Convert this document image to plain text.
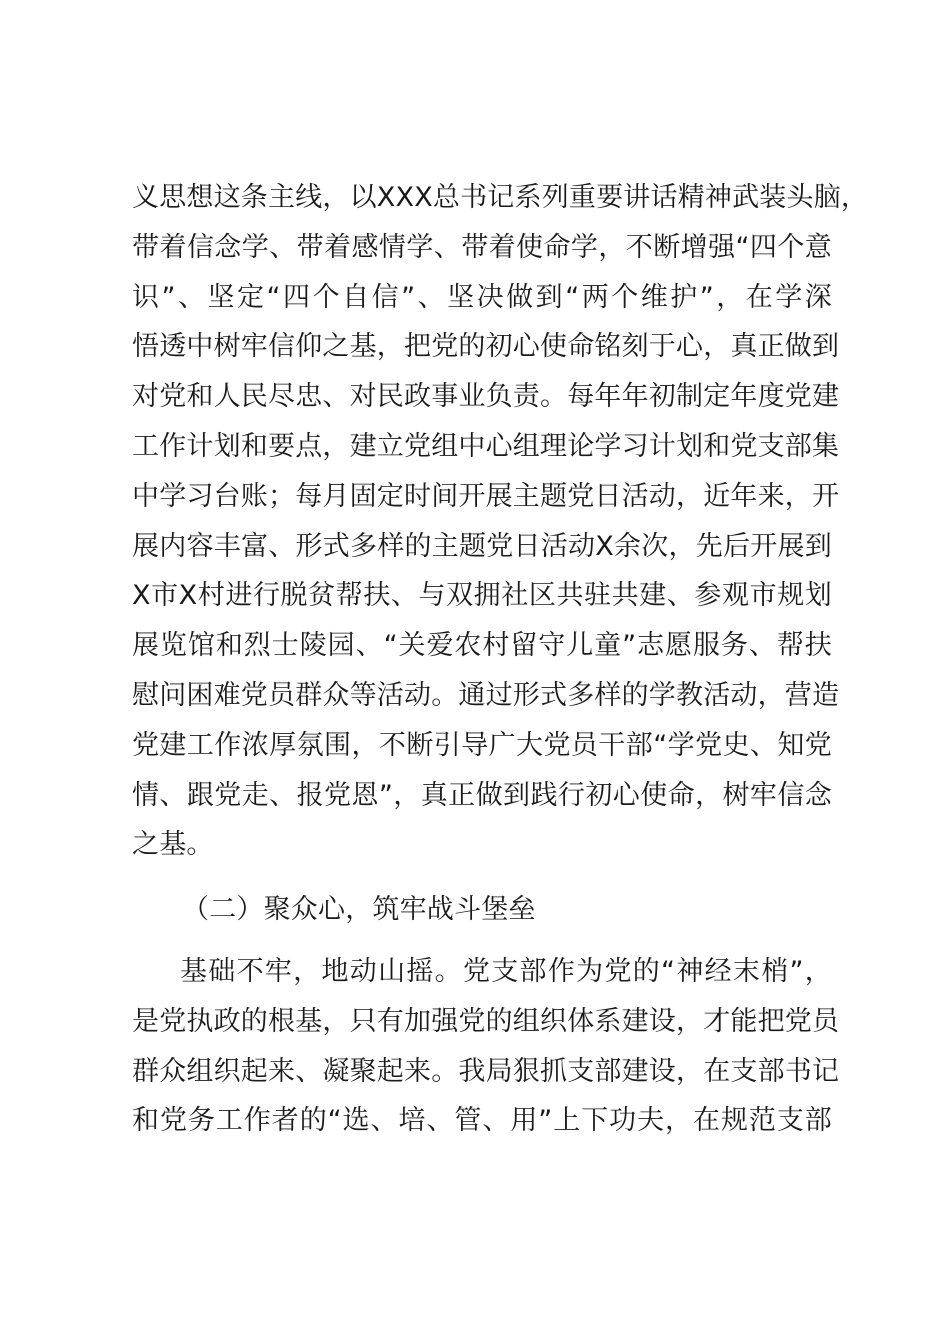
义思想这条主线，以XXX总书记系列重要讲话精神武装头脑，
带着信念学、带着感情学、带着使命学，不断增强“四个意
识”、坚定“四个自信”、坚决做到“两个维护”，在学深
悟透中树牢信仰之基，把党的初心使命铭刻于心，真正做到
对党和人民尽忠、对民政事业负责。每年年初制定年度党建
工作计划和要点，建立党组中心组理论学习计划和党支部集
中学习台账；每月固定时间开展主题党日活动，近年来，开
展内容丰富、形式多样的主题党日活动X余次，先后开展到
X市X村进行脱贫帮扶、与双拥社区共驻共建、参观市规划
展览馆和烈士陵园、“关爱农村留守儿童”志愿服务、帮扶
慰问困难党员群众等活动。通过形式多样的学教活动，营造
党建工作浓厚氛围，不断引导广大党员干部“学党史、知党
情、跟党走、报党恩”，真正做到践行初心使命，树牢信念
之基。
（二）聚众心，筑牢战斗堡垒
基础不牢，地动山摇。党支部作为党的“神经末梢”，
是党执政的根基，只有加强党的组织体系建设，才能把党员
群众组织起来、凝聚起来。我局狠抓支部建设，在支部书记
和党务工作者的“选、培、管、用”上下功夫，在规范支部
